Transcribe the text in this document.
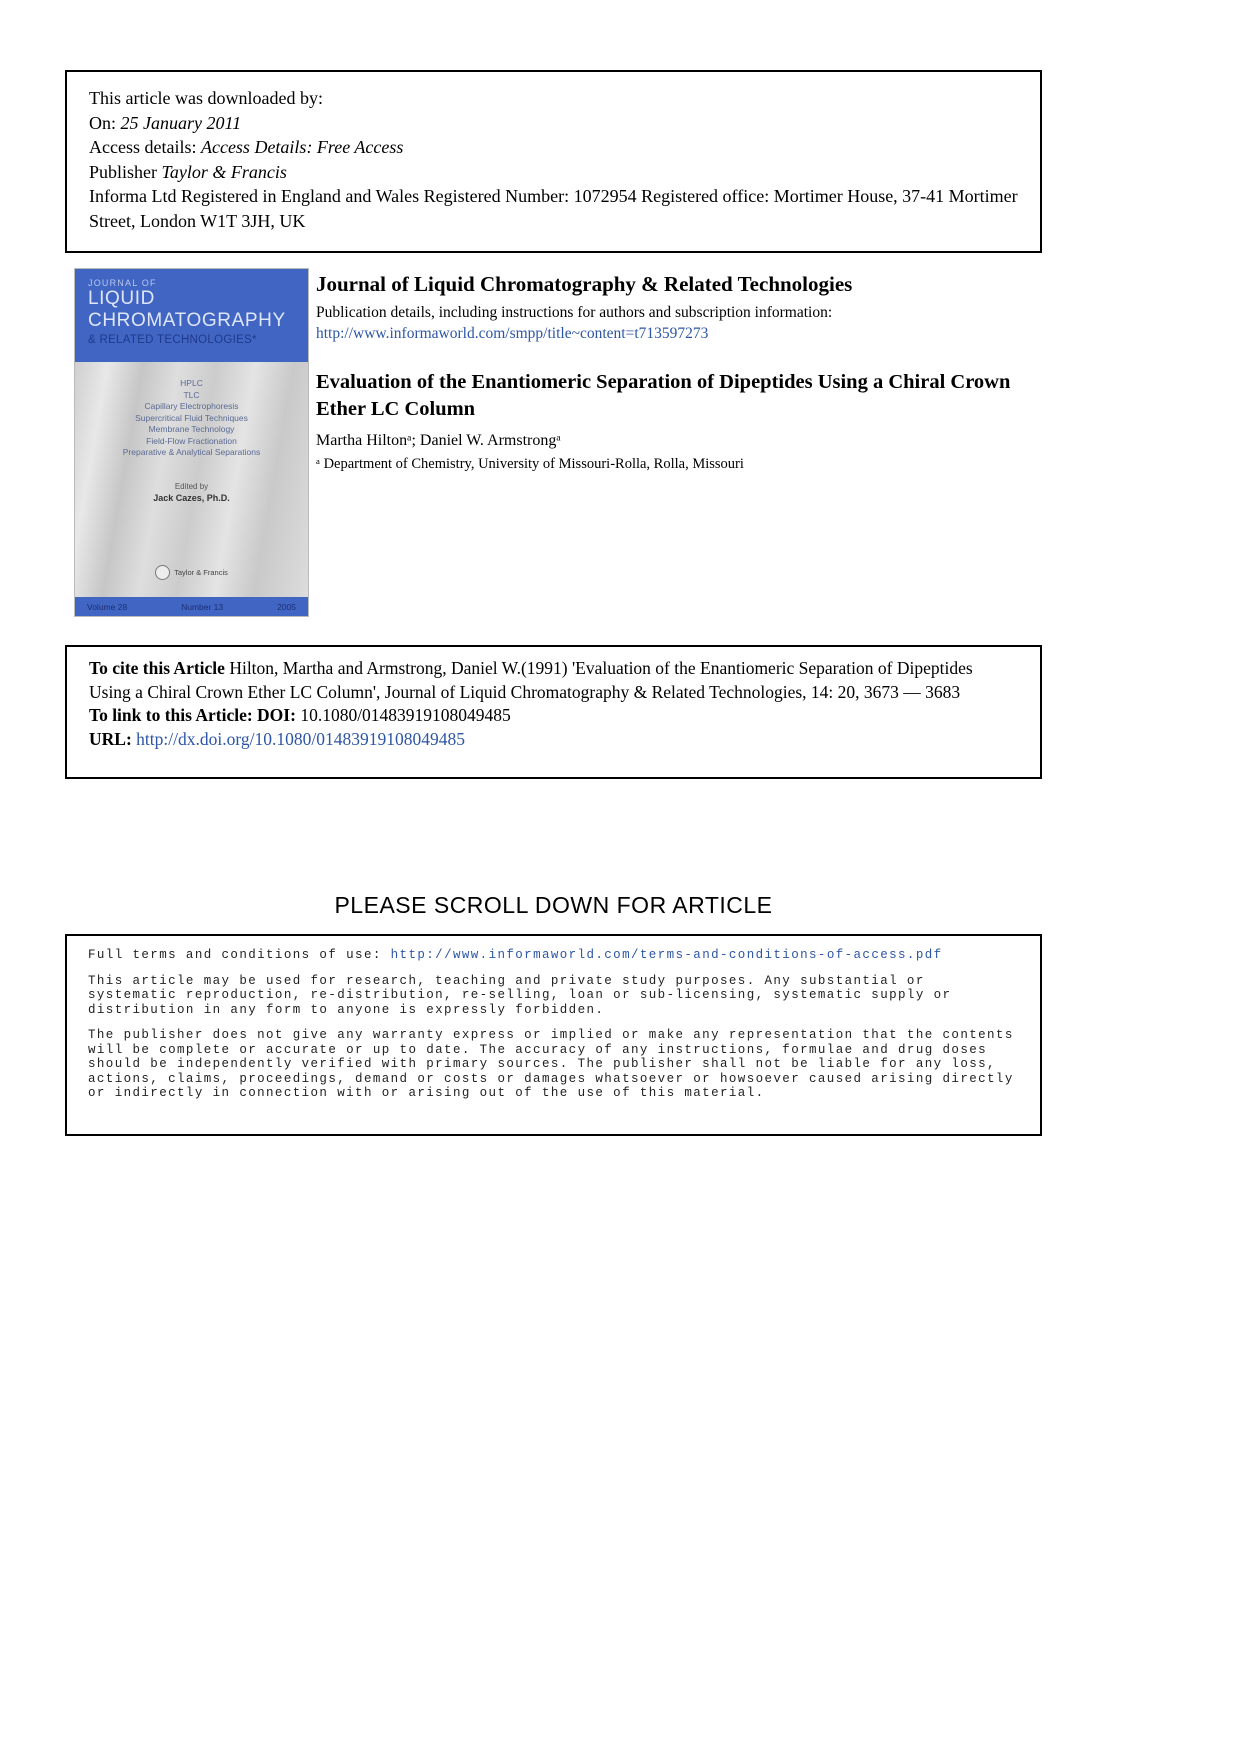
This article was downloaded by:
On: 25 January 2011
Access details: Access Details: Free Access
Publisher Taylor & Francis
Informa Ltd Registered in England and Wales Registered Number: 1072954 Registered office: Mortimer House, 37-41 Mortimer Street, London W1T 3JH, UK
JOURNAL OF
LIQUID
CHROMATOGRAPHY
& RELATED TECHNOLOGIES*
HPLC
TLC
Capillary Electrophoresis
Supercritical Fluid Techniques
Membrane Technology
Field-Flow Fractionation
Preparative & Analytical Separations
Edited by
Jack Cazes, Ph.D.
Taylor & Francis
Volume 28	Number 13	2005
Journal of Liquid Chromatography & Related Technologies
Publication details, including instructions for authors and subscription information:
http://www.informaworld.com/smpp/title~content=t713597273
Evaluation of the Enantiomeric Separation of Dipeptides Using a Chiral Crown Ether LC Column
Martha Hiltonᵃ; Daniel W. Armstrongᵃ
ᵃ Department of Chemistry, University of Missouri-Rolla, Rolla, Missouri

To cite this Article Hilton, Martha and Armstrong, Daniel W.(1991) 'Evaluation of the Enantiomeric Separation of Dipeptides Using a Chiral Crown Ether LC Column', Journal of Liquid Chromatography & Related Technologies, 14: 20, 3673 — 3683

To link to this Article: DOI: 10.1080/01483919108049485

URL: http://dx.doi.org/10.1080/01483919108049485

PLEASE SCROLL DOWN FOR ARTICLE

Full terms and conditions of use: http://www.informaworld.com/terms-and-conditions-of-access.pdf

This article may be used for research, teaching and private study purposes. Any substantial or systematic reproduction, re-distribution, re-selling, loan or sub-licensing, systematic supply or distribution in any form to anyone is expressly forbidden.

The publisher does not give any warranty express or implied or make any representation that the contents will be complete or accurate or up to date. The accuracy of any instructions, formulae and drug doses should be independently verified with primary sources. The publisher shall not be liable for any loss, actions, claims, proceedings, demand or costs or damages whatsoever or howsoever caused arising directly or indirectly in connection with or arising out of the use of this material.
